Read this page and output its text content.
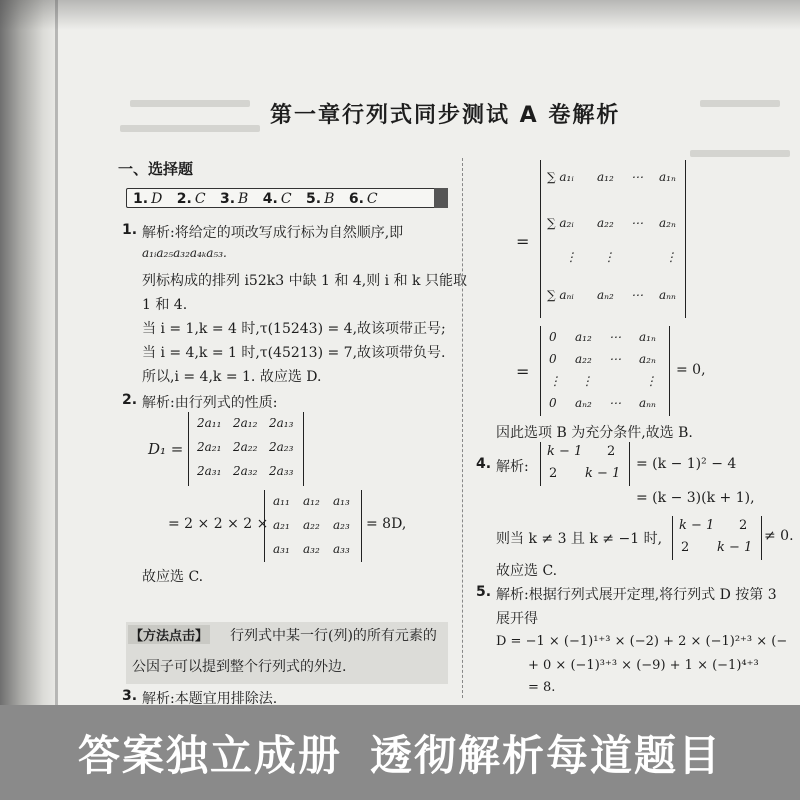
第一章行列式同步测试 A 卷解析
一、选择题
1. D 2. C 3. B 4. C 5. B 6. C
1. 解析:将给定的项改写成行标为自然顺序,即
a₁ᵢa₂₅a₃₂a₄ₖa₅₃.
列标构成的排列 i52k3 中缺 1 和 4,则 i 和 k 只能取
1 和 4.
当 i = 1,k = 4 时,τ(15243) = 4,故该项带正号;
当 i = 4,k = 1 时,τ(45213) = 7,故该项带负号.
所以,i = 4,k = 1. 故应选 D.
2. 解析:由行列式的性质:
D₁ =
2a₁₁ 2a₁₂ 2a₁₃
2a₂₁ 2a₂₂ 2a₂₃
2a₃₁ 2a₃₂ 2a₃₃
= 2 × 2 × 2 ×
a₁₁ a₁₂ a₁₃
a₂₁ a₂₂ a₂₃
a₃₁ a₃₂ a₃₃
= 8D,
故应选 C.
【方法点击】 行列式中某一行(列)的所有元素的
公因子可以提到整个行列式的外边.
3. 解析:本题宜用排除法.
=
∑ a₁ᵢ a₁₂ ⋯ a₁ₙ
∑ a₂ᵢ a₂₂ ⋯ a₂ₙ
⋮ ⋮	⋮
∑ aₙᵢ aₙ₂ ⋯ aₙₙ
=
0 a₁₂ ⋯ a₁ₙ
0 a₂₂ ⋯ a₂ₙ
⋮ ⋮	⋮
0 aₙ₂ ⋯ aₙₙ
= 0,
因此选项 B 为充分条件,故选 B.
4. 解析:
k − 1 2
2 k − 1
= (k − 1)² − 4
= (k − 3)(k + 1),
则当 k ≠ 3 且 k ≠ −1 时,
k − 1 2
2 k − 1
≠ 0.
故应选 C.
5. 解析:根据行列式展开定理,将行列式 D 按第 3
展开得
D = −1 × (−1)¹⁺³ × (−2) + 2 × (−1)²⁺³ × (−
+ 0 × (−1)³⁺³ × (−9) + 1 × (−1)⁴⁺³
= 8.
答案独立成册 透彻解析每道题目
